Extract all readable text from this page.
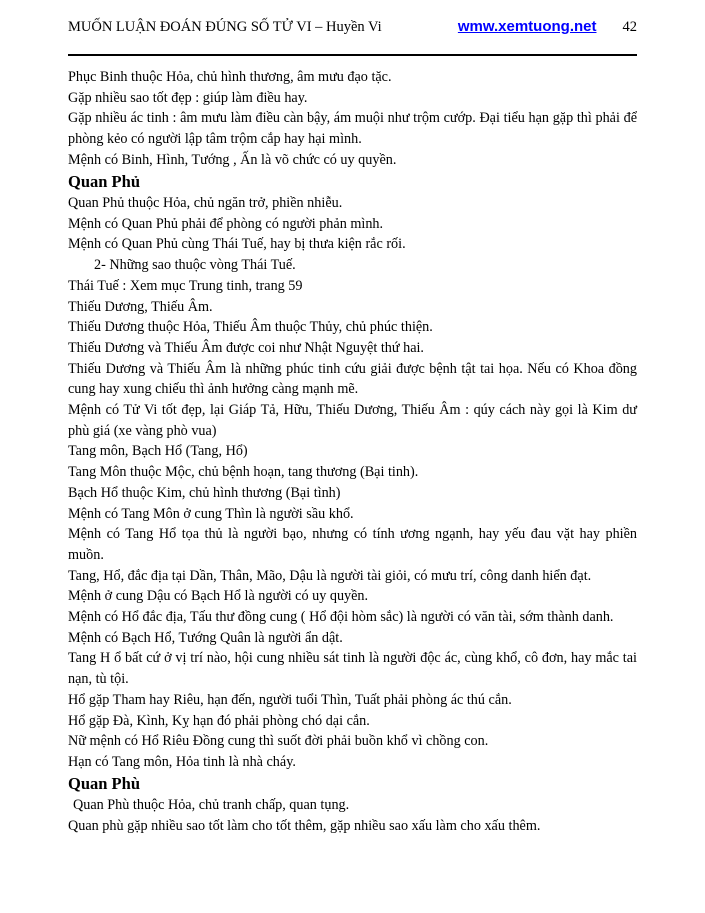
MUỐN LUẬN ĐOÁN ĐÚNG SỐ TỬ VI – Huyền Vi	wmw.xemtuong.net 42

Phục Binh thuộc Hỏa, chủ hình thương, âm mưu đạo tặc.

Gặp nhiều sao tốt đẹp : giúp làm điều hay.

Gặp nhiều ác tinh : âm mưu làm điều càn bậy, ám muội như trộm cướp. Đại tiểu hạn gặp thì phải để phòng kẻo có người lập tâm trộm cắp hay hại mình.

Mệnh có Binh, Hình, Tướng , Ấn là võ chức có uy quyền.

Quan Phủ

Quan Phủ thuộc Hỏa, chủ ngăn trở, phiền nhiễu.

Mệnh có Quan Phủ phải để phòng có người phản mình.

Mệnh có Quan Phủ cùng Thái Tuế, hay bị thưa kiện rắc rối.

2- Những sao thuộc vòng Thái Tuế.

Thái Tuế : Xem mục Trung tinh, trang 59

Thiếu Dương, Thiếu Âm.

Thiếu Dương thuộc Hỏa, Thiếu Âm thuộc Thủy, chủ phúc thiện.

Thiếu Dương và Thiếu Âm được coi như Nhật Nguyệt thứ hai.

Thiếu Dương và Thiếu Âm là những phúc tinh cứu giải được bệnh tật tai họa. Nếu có Khoa đồng cung hay xung chiếu thì ảnh hưởng càng mạnh mẽ.

Mệnh có Tử Vi tốt đẹp, lại Giáp Tả, Hữu, Thiếu Dương, Thiếu Âm : qúy cách này gọi là Kim dư phù giá (xe vàng phò vua)

Tang môn, Bạch Hổ (Tang, Hổ)

Tang Môn thuộc Mộc, chủ bệnh hoạn, tang thương (Bại tinh).

Bạch Hổ thuộc Kim, chủ hình thương (Bại tình)

Mệnh có Tang Môn ở cung Thìn là người sầu khổ.

Mệnh có Tang Hổ tọa thủ là người bạo, nhưng có tính ương ngạnh, hay yếu đau vặt hay phiền muồn.

Tang, Hổ, đắc địa tại Dần, Thân, Mão, Dậu là người tài giỏi, có mưu trí, công danh hiển đạt.

Mệnh ở cung Dậu có Bạch Hổ là người có uy quyền.

Mệnh có Hổ đắc địa, Tấu thư đồng cung ( Hổ đội hòm sắc) là người có văn tài, sớm thành danh.

Mệnh có Bạch Hổ, Tướng Quân là người ẩn dật.

Tang H ổ bất cứ ở vị trí nào, hội cung nhiều sát tinh là người độc ác, cùng khổ, cô đơn, hay mắc tai nạn, tù tội.

Hổ gặp Tham hay Riêu, hạn đến, người tuổi Thìn, Tuất phải phòng ác thú cắn.

Hổ gặp Đà, Kình, Kỵ hạn đó phải phòng chó dại cắn.

Nữ mệnh có Hổ Riêu Đồng cung thì suốt đời phải buồn khổ vì chồng con.

Hạn có Tang môn, Hỏa tinh là nhà cháy.

Quan Phù

Quan Phù thuộc Hỏa, chủ tranh chấp, quan tụng.

Quan phù gặp nhiều sao tốt làm cho tốt thêm, gặp nhiều sao xấu làm cho xấu thêm.
